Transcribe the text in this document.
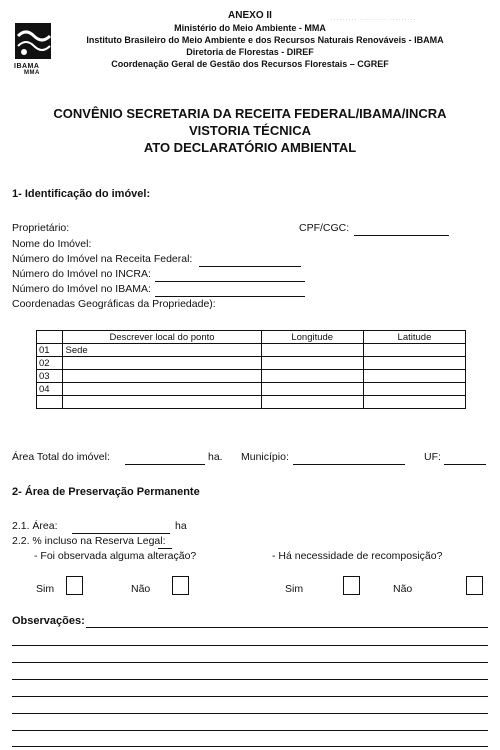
IBAMA
MMA
········· ········· ·········
ANEXO II
Ministério do Meio Ambiente - MMA
Instituto Brasileiro do Meio Ambiente e dos Recursos Naturais Renováveis - IBAMA
Diretoria de Florestas - DIREF
Coordenação Geral de Gestão dos Recursos Florestais – CGREF
CONVÊNIO SECRETARIA DA RECEITA FEDERAL/IBAMA/INCRA
VISTORIA TÉCNICA
ATO DECLARATÓRIO AMBIENTAL
1- Identificação do imóvel:
Proprietário:	CPF/CGC:
Nome do Imóvel:
Número do Imóvel na Receita Federal:
Número do Imóvel no INCRA:
Número do Imóvel no IBAMA:
Coordenadas Geográficas da Propriedade):
	Descrever local do ponto	Longitude	Latitude
01	Sede		
02			
03			
04			

Área Total do imóvel:	ha. Município:	UF:
2- Área de Preservação Permanente
2.1. Área:	ha
2.2. % incluso na Reserva Legal:
- Foi observada alguma alteração?	- Há necessidade de recomposição?
Sim	Não	Sim	Não
Observações:
